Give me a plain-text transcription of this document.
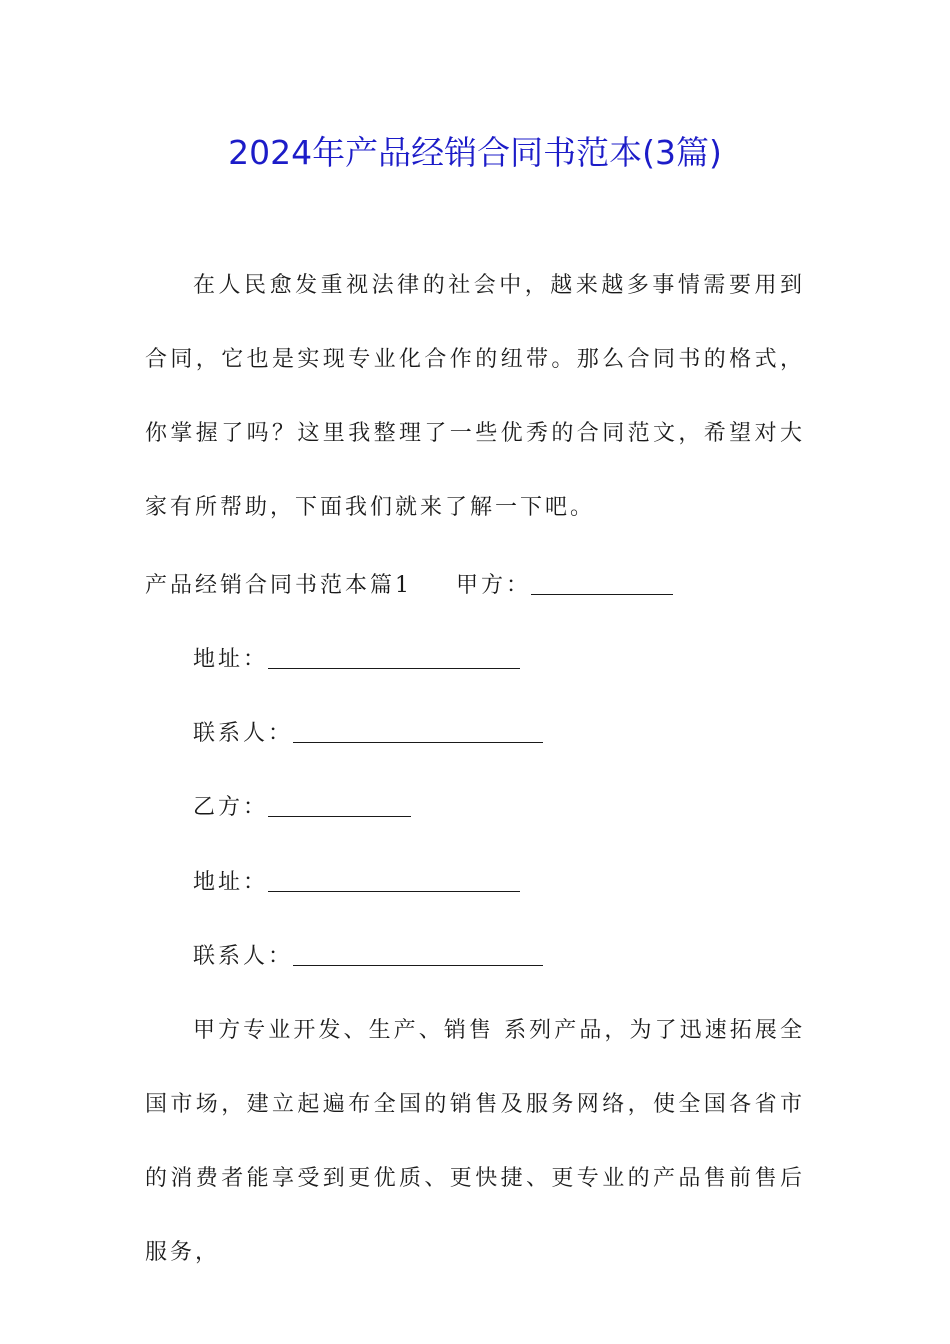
2024年产品经销合同书范本(3篇)
在人民愈发重视法律的社会中，越来越多事情需要用到合同，它也是实现专业化合作的纽带。那么合同书的格式，你掌握了吗？这里我整理了一些优秀的合同范文，希望对大家有所帮助，下面我们就来了解一下吧。
产品经销合同书范本篇1 甲方：
地址：
联系人：
乙方：
地址：
联系人：
甲方专业开发、生产、销售 系列产品，为了迅速拓展全国市场，建立起遍布全国的销售及服务网络，使全国各省市的消费者能享受到更优质、更快捷、更专业的产品售前售后服务，
